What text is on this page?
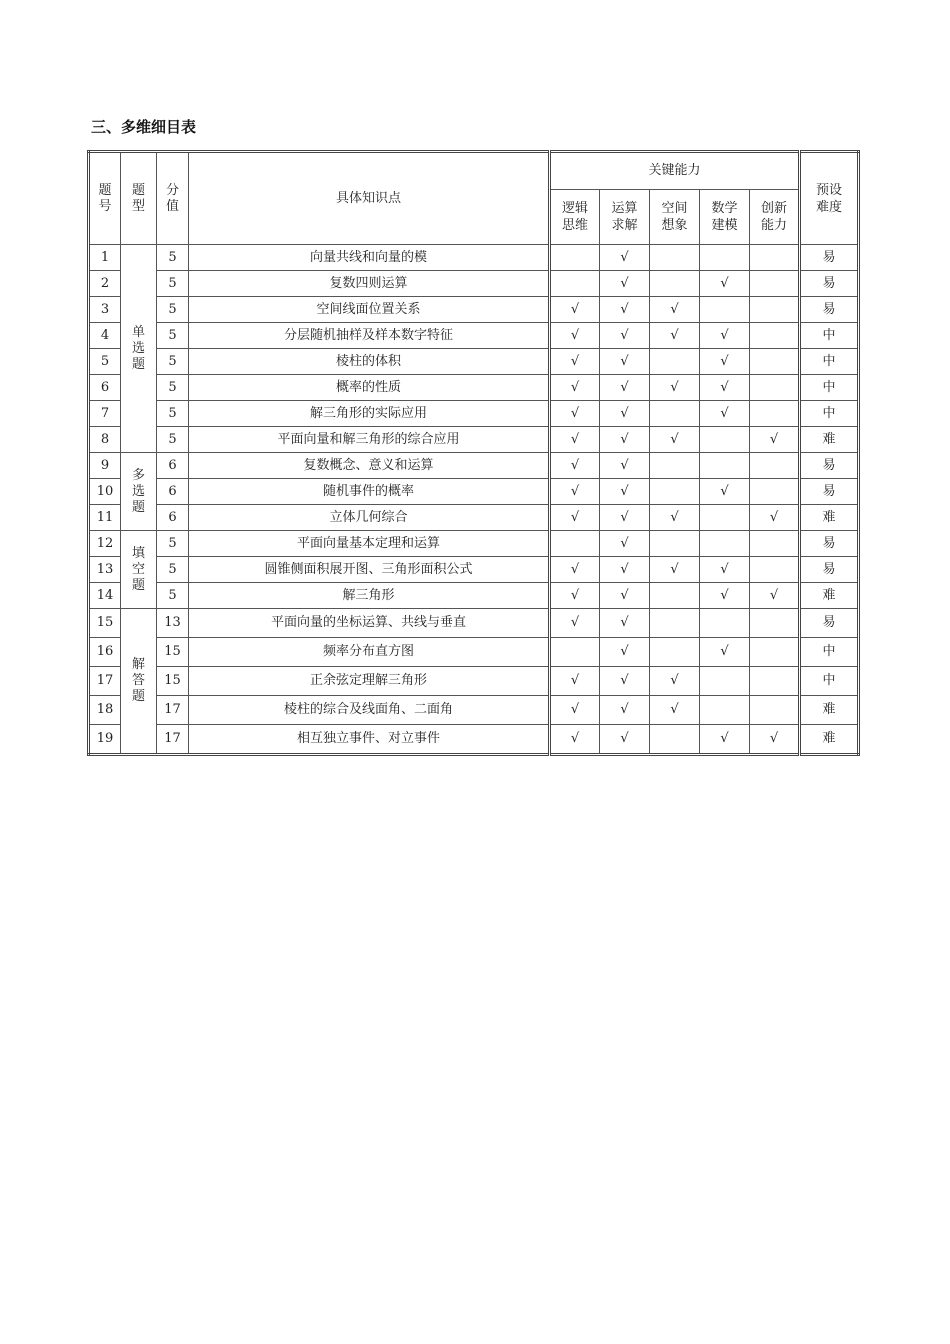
三、多维细目表
题号	题型	分值	具体知识点	关键能力					预设难度
				逻辑思维	运算求解	空间想象	数学建模	创新能力	
1	单选题	5	向量共线和向量的模		√				易
2		5	复数四则运算		√		√		易
3		5	空间线面位置关系	√	√	√			易
4		5	分层随机抽样及样本数字特征	√	√	√	√		中
5		5	棱柱的体积	√	√		√		中
6		5	概率的性质	√	√	√	√		中
7		5	解三角形的实际应用	√	√		√		中
8		5	平面向量和解三角形的综合应用	√	√	√		√	难
9	多选题	6	复数概念、意义和运算	√	√				易
10		6	随机事件的概率	√	√		√		易
11		6	立体几何综合	√	√	√		√	难
12	填空题	5	平面向量基本定理和运算		√				易
13		5	圆锥侧面积展开图、三角形面积公式	√	√	√	√		易
14		5	解三角形	√	√		√	√	难
15	解答题	13	平面向量的坐标运算、共线与垂直	√	√				易
16		15	频率分布直方图		√		√		中
17		15	正余弦定理解三角形	√	√	√			中
18		17	棱柱的综合及线面角、二面角	√	√	√			难
19		17	相互独立事件、对立事件	√	√		√	√	难
